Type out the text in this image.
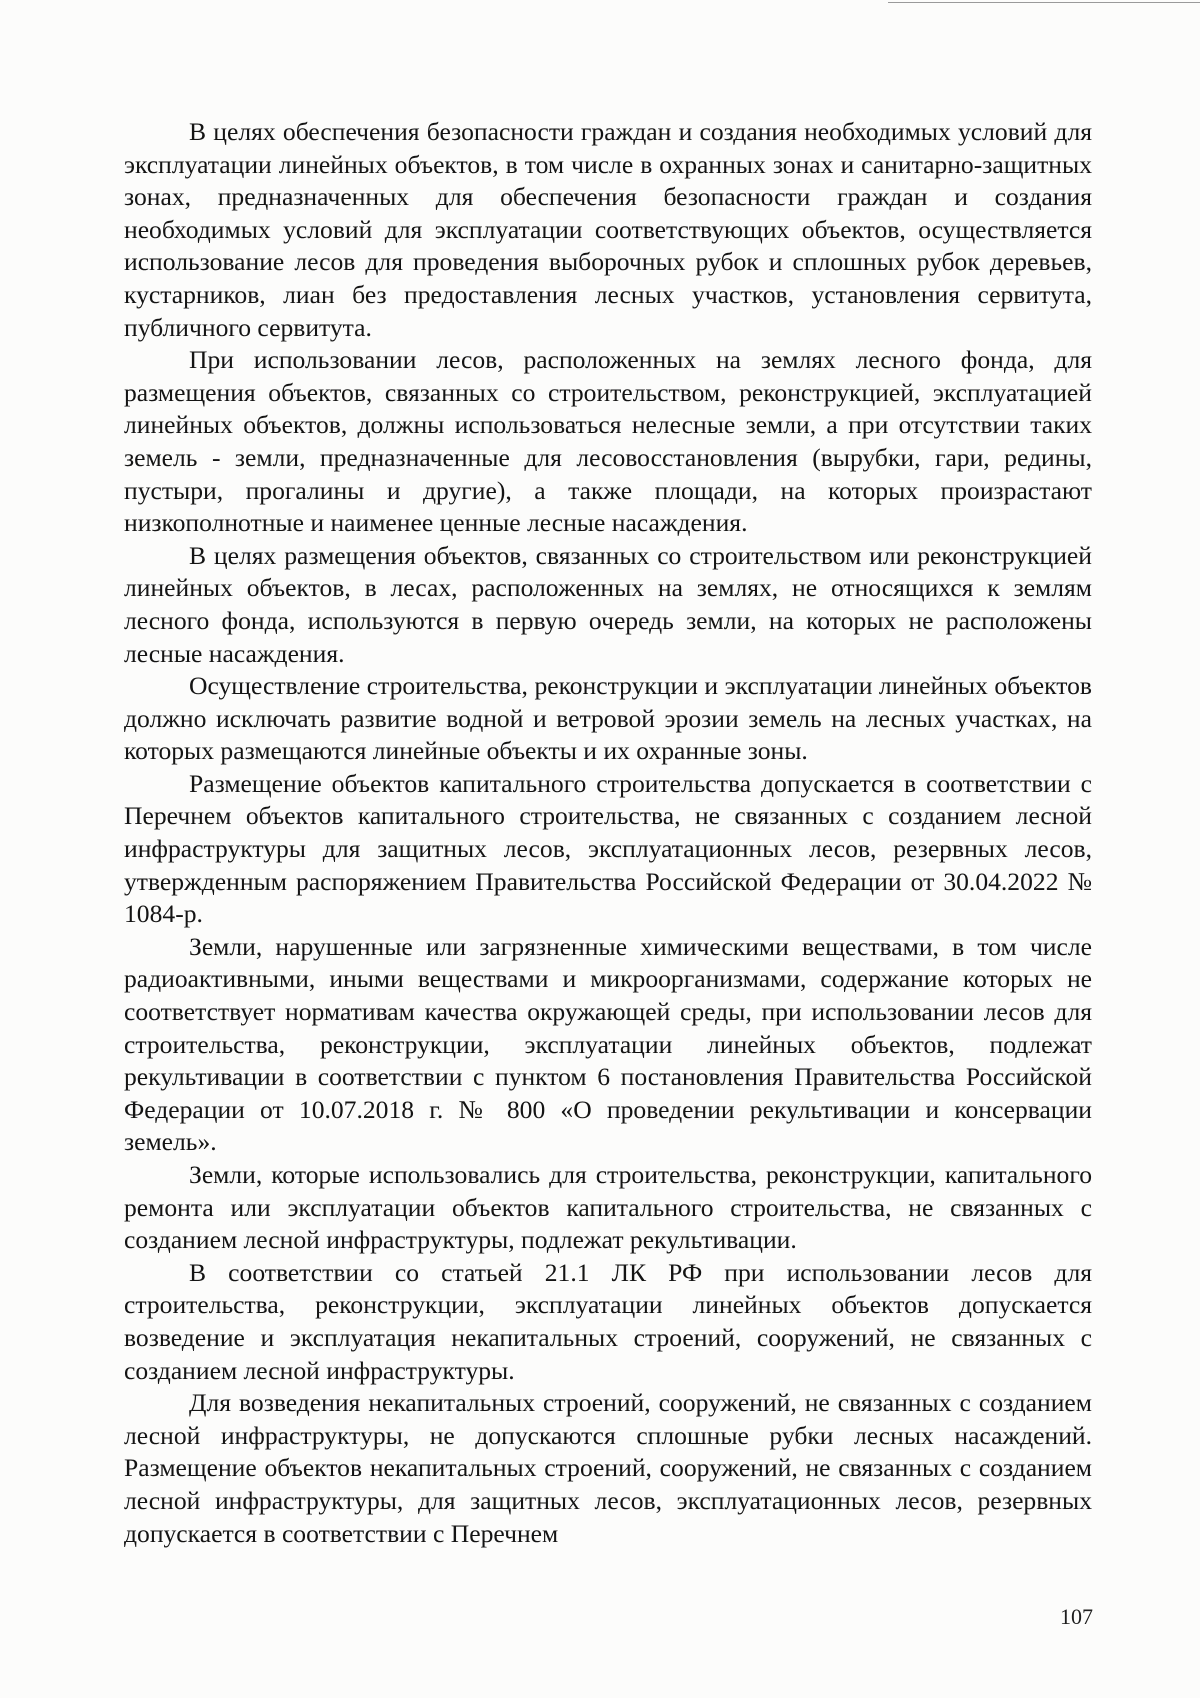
В целях обеспечения безопасности граждан и создания необходимых условий для эксплуатации линейных объектов, в том числе в охранных зонах и санитарно-защитных зонах, предназначенных для обеспечения безопасности граждан и создания необходимых условий для эксплуатации соответствующих объектов, осуществляется использование лесов для проведения выборочных рубок и сплошных рубок деревьев, кустарников, лиан без предоставления лесных участков, установления сервитута, публичного сервитута.

При использовании лесов, расположенных на землях лесного фонда, для размещения объектов, связанных со строительством, реконструкцией, эксплуатацией линейных объектов, должны использоваться нелесные земли, а при отсутствии таких земель - земли, предназначенные для лесовосстановления (вырубки, гари, редины, пустыри, прогалины и другие), а также площади, на которых произрастают низкополнотные и наименее ценные лесные насаждения.

В целях размещения объектов, связанных со строительством или реконструкцией линейных объектов, в лесах, расположенных на землях, не относящихся к землям лесного фонда, используются в первую очередь земли, на которых не расположены лесные насаждения.

Осуществление строительства, реконструкции и эксплуатации линейных объектов должно исключать развитие водной и ветровой эрозии земель на лесных участках, на которых размещаются линейные объекты и их охранные зоны.

Размещение объектов капитального строительства допускается в соответствии с Перечнем объектов капитального строительства, не связанных с созданием лесной инфраструктуры для защитных лесов, эксплуатационных лесов, резервных лесов, утвержденным распоряжением Правительства Российской Федерации от 30.04.2022 № 1084-р.

Земли, нарушенные или загрязненные химическими веществами, в том числе радиоактивными, иными веществами и микроорганизмами, содержание которых не соответствует нормативам качества окружающей среды, при использовании лесов для строительства, реконструкции, эксплуатации линейных объектов, подлежат рекультивации в соответствии с пунктом 6 постановления Правительства Российской Федерации от 10.07.2018 г. № 800 «О проведении рекультивации и консервации земель».

Земли, которые использовались для строительства, реконструкции, капитального ремонта или эксплуатации объектов капитального строительства, не связанных с созданием лесной инфраструктуры, подлежат рекультивации.

В соответствии со статьей 21.1 ЛК РФ при использовании лесов для строительства, реконструкции, эксплуатации линейных объектов допускается возведение и эксплуатация некапитальных строений, сооружений, не связанных с созданием лесной инфраструктуры.

Для возведения некапитальных строений, сооружений, не связанных с созданием лесной инфраструктуры, не допускаются сплошные рубки лесных насаждений. Размещение объектов некапитальных строений, сооружений, не связанных с созданием лесной инфраструктуры, для защитных лесов, эксплуатационных лесов, резервных допускается в соответствии с Перечнем

107
